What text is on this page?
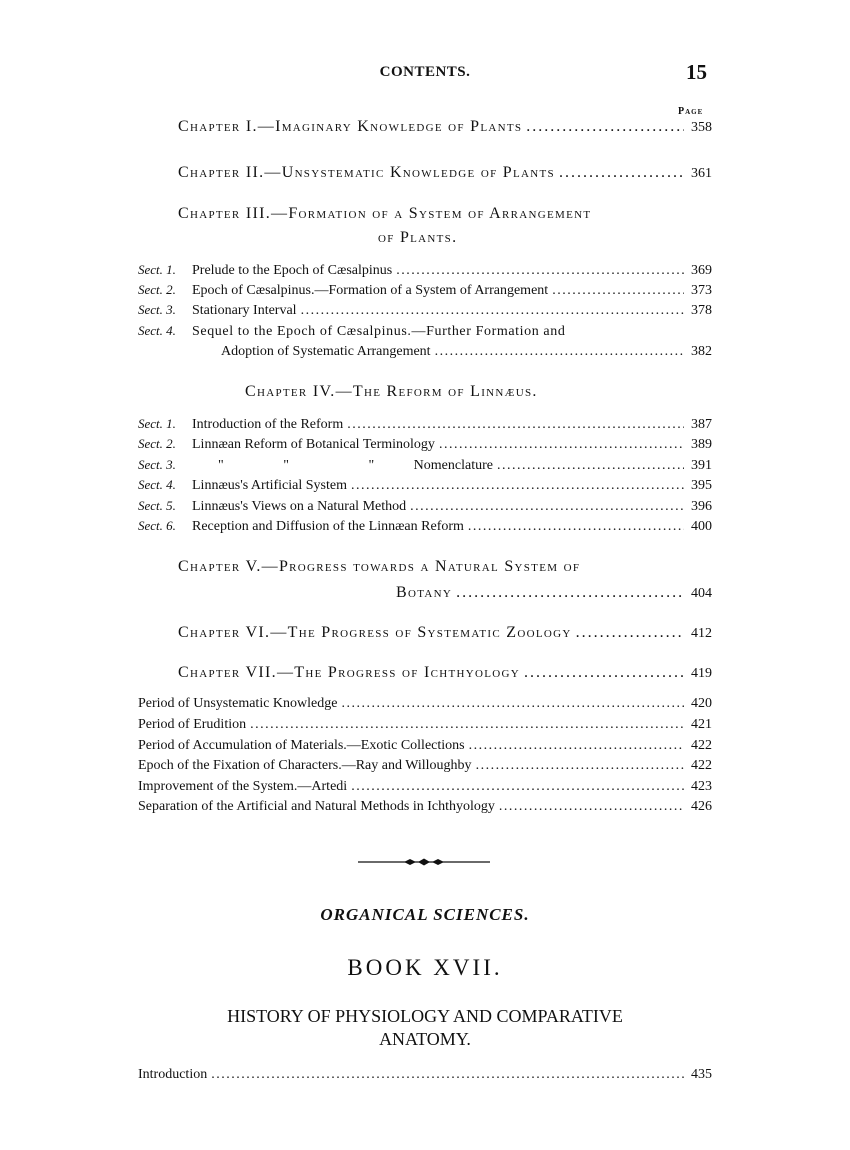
CONTENTS.	15
Page
Chapter I.—Imaginary Knowledge of Plants . . .	358
Chapter II.—Unsystematic Knowledge of Plants . . .	361
Chapter III.—Formation of a System of Arrangement
of Plants.
Sect. 1.	Prelude to the Epoch of Cæsalpinus . . .	369
Sect. 2.	Epoch of Cæsalpinus.—Formation of a System of Arrangement . . .	373
Sect. 3.	Stationary Interval . . .	378
Sect. 4.	Sequel to the Epoch of Cæsalpinus.—Further Formation and
Adoption of Systematic Arrangement . . .	382
Chapter IV.—The Reform of Linnæus.
Sect. 1.	Introduction of the Reform . . .	387
Sect. 2.	Linnæan Reform of Botanical Terminology . . .	389
Sect. 3.	"	"	"	Nomenclature . . .	391
Sect. 4.	Linnæus's Artificial System . . .	395
Sect. 5.	Linnæus's Views on a Natural Method . . .	396
Sect. 6.	Reception and Diffusion of the Linnæan Reform . . .	400
Chapter V.—Progress towards a Natural System of
Botany . . .	404
Chapter VI.—The Progress of Systematic Zoology . . .	412
Chapter VII.—The Progress of Ichthyology . . .	419
Period of Unsystematic Knowledge . . .	420
Period of Erudition . . .	421
Period of Accumulation of Materials.—Exotic Collections . . .	422
Epoch of the Fixation of Characters.—Ray and Willoughby . . .	422
Improvement of the System.—Artedi . . .	423
Separation of the Artificial and Natural Methods in Ichthyology . . .	426
ORGANICAL SCIENCES.
BOOK XVII.
HISTORY OF PHYSIOLOGY AND COMPARATIVE
ANATOMY.
Introduction . . .	435
